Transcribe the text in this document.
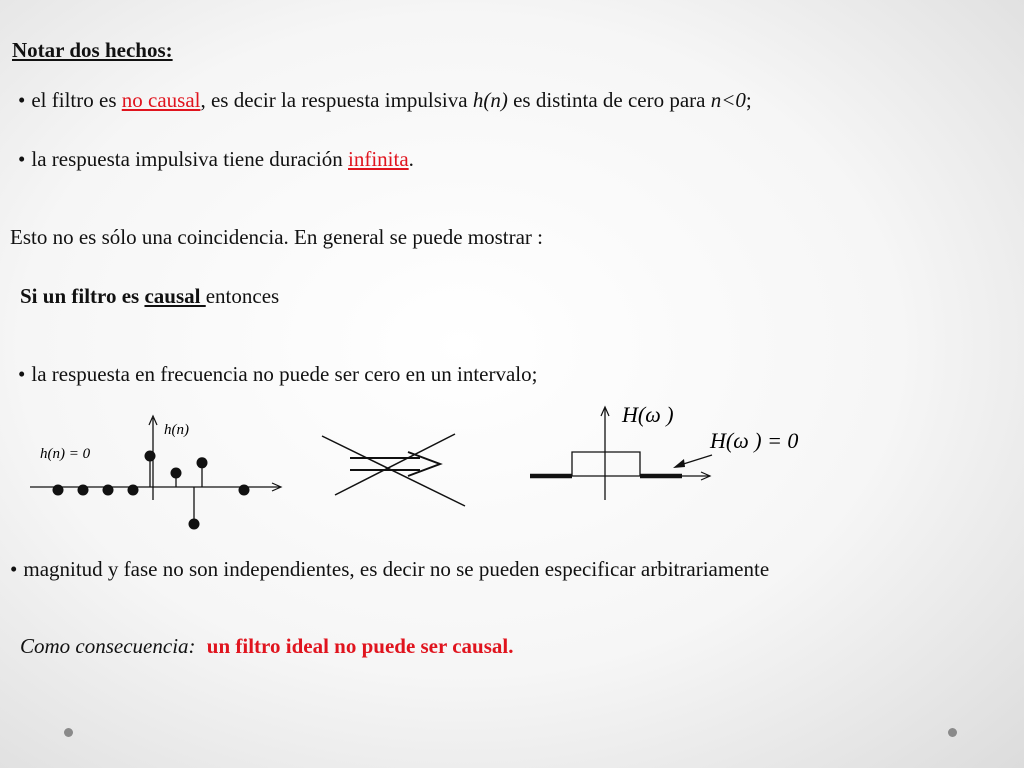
Notar dos hechos:
• el filtro es no causal, es decir la respuesta impulsiva h(n) es distinta de cero para n<0;
• la respuesta impulsiva tiene duración infinita.
Esto no es sólo una coincidencia. En general se puede mostrar :
Si un filtro es causal entonces
• la respuesta en frecuencia no puede ser cero en un intervalo;
h(n)
h(n) = 0
H(ω )
H(ω ) = 0
• magnitud y fase no son independientes, es decir no se pueden especificar arbitrariamente
Como consecuencia: un filtro ideal no puede ser causal.
